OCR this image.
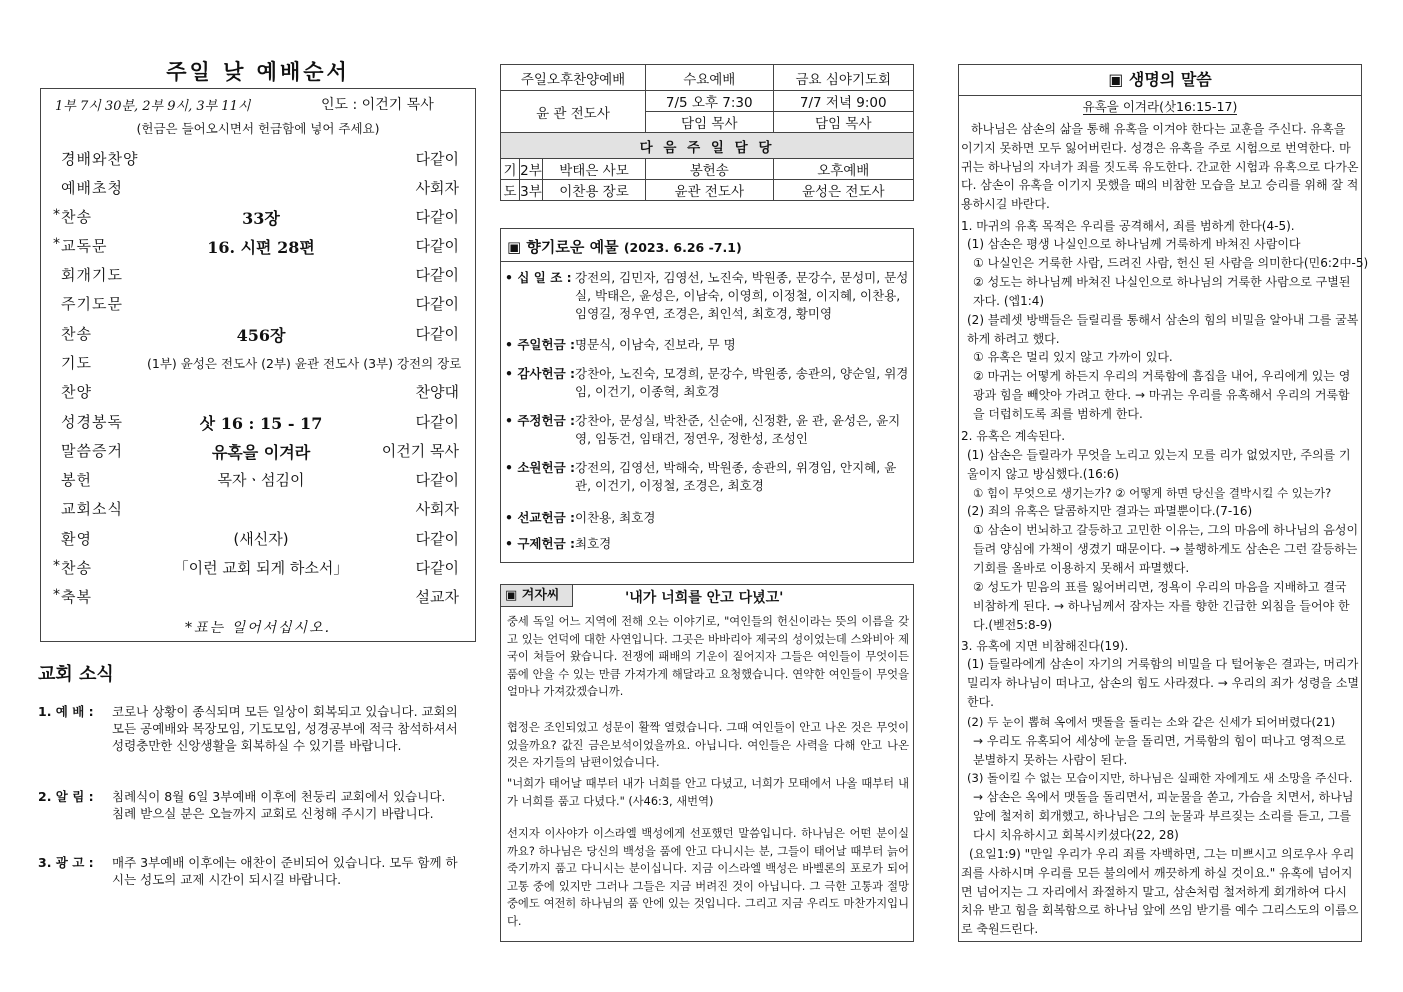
주일 낮 예배순서
1부 7시 30분, 2부 9시, 3부 11시	인도 : 이건기 목사
(헌금은 들어오시면서 헌금함에 넣어 주세요)
경배와찬양	다같이
예배초청	사회자
* 찬송	33장	다같이
* 교독문	16. 시편 28편	다같이
회개기도	다같이
주기도문	다같이
찬송	456장	다같이
기도	(1부) 윤성은 전도사 (2부) 윤관 전도사 (3부) 강전의 장로
찬양	찬양대
성경봉독	삿 16 : 15 - 17	다같이
말씀증거	유혹을 이겨라	이건기 목사
봉헌	목자ㆍ섬김이	다같이
교회소식	사회자
환영	(새신자)	다같이
* 찬송	「이런 교회 되게 하소서」	다같이
* 축복	설교자
*표는 일어서십시오.
교회 소식
1. 예 배 : 코로나 상황이 종식되며 모든 일상이 회복되고 있습니다. 교회의 모든 공예배와 목장모임, 기도모임, 성경공부에 적극 참석하셔서 성령충만한 신앙생활을 회복하실 수 있기를 바랍니다.
2. 알 림 : 침례식이 8월 6일 3부예배 이후에 천둥리 교회에서 있습니다. 침례 받으실 분은 오늘까지 교회로 신청해 주시기 바랍니다.
3. 광 고 : 매주 3부예배 이후에는 애찬이 준비되어 있습니다. 모두 함께 하시는 성도의 교제 시간이 되시길 바랍니다.
주일오후찬양예배			수요예배	금요 심야기도회
윤 관 전도사			7/5 오후 7:30	7/7 저녁 9:00
			담임 목사	담임 목사
다 음 주 일 담 당				
기	2부	박태은 사모	봉헌송	오후예배
도	3부	이찬용 장로	윤관 전도사	윤성은 전도사
▣ 향기로운 예물 (2023. 6.26 -7.1)
• 십 일 조 : 강전의, 김민자, 김영선, 노진숙, 박원종, 문강수, 문성미, 문성실, 박태은, 윤성은, 이남숙, 이영희, 이정철, 이지혜, 이찬용, 임영길, 정우연, 조경은, 최인석, 최호경, 황미영
• 주일헌금 : 명문식, 이남숙, 진보라, 무 명
• 감사헌금 : 강찬아, 노진숙, 모경희, 문강수, 박원종, 송관의, 양순일, 위경임, 이건기, 이종혁, 최호경
• 주정헌금 : 강찬아, 문성실, 박찬준, 신순애, 신정환, 윤 관, 윤성은, 윤지영, 임동건, 임태건, 정연우, 정한성, 조성인
• 소원헌금 : 강전의, 김영선, 박해숙, 박원종, 송관의, 위경임, 안지혜, 윤 관, 이건기, 이정철, 조경은, 최호경
• 선교헌금 : 이찬용, 최호경
• 구제헌금 : 최호경
▣ 겨자씨	'내가 너희를 안고 다녔고'
중세 독일 어느 지역에 전해 오는 이야기로, "여인들의 헌신이라는 뜻의 이름을 갖고 있는 언덕에 대한 사연입니다. 그곳은 바바리아 제국의 성이었는데 스와비아 제국이 쳐들어 왔습니다. 전쟁에 패배의 기운이 짙어지자 그들은 여인들이 무엇이든 품에 안을 수 있는 만큼 가져가게 해달라고 요청했습니다. 연약한 여인들이 무엇을 얼마나 가져갔겠습니까.
협정은 조인되었고 성문이 활짝 열렸습니다. 그때 여인들이 안고 나온 것은 무엇이었을까요? 값진 금은보석이었을까요. 아닙니다. 여인들은 사력을 다해 안고 나온 것은 자기들의 남편이었습니다.
"너희가 태어날 때부터 내가 너희를 안고 다녔고, 너희가 모태에서 나올 때부터 내가 너희를 품고 다녔다." (사46:3, 새번역)
선지자 이사야가 이스라엘 백성에게 선포했던 말씀입니다. 하나님은 어떤 분이실까요? 하나님은 당신의 백성을 품에 안고 다니시는 분, 그들이 태어날 때부터 늙어 죽기까지 품고 다니시는 분이십니다. 지금 이스라엘 백성은 바벨론의 포로가 되어 고통 중에 있지만 그러나 그들은 지금 버려진 것이 아닙니다. 그 극한 고통과 절망 중에도 여전히 하나님의 품 안에 있는 것입니다. 그리고 지금 우리도 마찬가지입니다.
▣ 생명의 말씀
유혹을 이겨라(삿16:15-17)
하나님은 삼손의 삶을 통해 유혹을 이겨야 한다는 교훈을 주신다. 유혹을 이기지 못하면 모두 잃어버린다. 성경은 유혹을 주로 시험으로 번역한다. 마귀는 하나님의 자녀가 죄를 짓도록 유도한다. 간교한 시험과 유혹으로 다가온다. 삼손이 유혹을 이기지 못했을 때의 비참한 모습을 보고 승리를 위해 잘 적용하시길 바란다.
1. 마귀의 유혹 목적은 우리를 공격해서, 죄를 범하게 한다(4-5).
(1) 삼손은 평생 나실인으로 하나님께 거룩하게 바쳐진 사람이다
① 나실인은 거룩한 사람, 드려진 사람, 헌신 된 사람을 의미한다(민6:2中-5)
② 성도는 하나님께 바쳐진 나실인으로 하나님의 거룩한 사람으로 구별된 자다. (엡1:4)
(2) 블레셋 방백들은 들릴리를 통해서 삼손의 힘의 비밀을 알아내 그를 굴복하게 하려고 했다.
① 유혹은 멀리 있지 않고 가까이 있다.
② 마귀는 어떻게 하든지 우리의 거룩함에 흠집을 내어, 우리에게 있는 영광과 힘을 빼앗아 가려고 한다. → 마귀는 우리를 유혹해서 우리의 거룩함을 더럽히도록 죄를 범하게 한다.
2. 유혹은 계속된다.
(1) 삼손은 들릴라가 무엇을 노리고 있는지 모를 리가 없었지만, 주의를 기울이지 않고 방심했다.(16:6)
① 힘이 무엇으로 생기는가? ② 어떻게 하면 당신을 결박시킬 수 있는가?
(2) 죄의 유혹은 달콤하지만 결과는 파멸뿐이다.(7-16)
① 삼손이 번뇌하고 갈등하고 고민한 이유는, 그의 마음에 하나님의 음성이 들려 양심에 가책이 생겼기 때문이다. → 불행하게도 삼손은 그런 갈등하는 기회를 올바로 이용하지 못해서 파멸했다.
② 성도가 믿음의 표를 잃어버리면, 정욕이 우리의 마음을 지배하고 결국 비참하게 된다. → 하나님께서 잠자는 자를 향한 긴급한 외침을 들어야 한다.(벧전5:8-9)
3. 유혹에 지면 비참해진다(19).
(1) 들릴라에게 삼손이 자기의 거룩함의 비밀을 다 털어놓은 결과는, 머리가 밀리자 하나님이 떠나고, 삼손의 힘도 사라졌다. → 우리의 죄가 성령을 소멸한다.
(2) 두 눈이 뽑혀 옥에서 맷돌을 돌리는 소와 같은 신세가 되어버렸다(21)
→ 우리도 유혹되어 세상에 눈을 돌리면, 거룩함의 힘이 떠나고 영적으로 분별하지 못하는 사람이 된다.
(3) 돌이킬 수 없는 모습이지만, 하나님은 실패한 자에게도 새 소망을 주신다.
→ 삼손은 옥에서 맷돌을 돌리면서, 피눈물을 쏟고, 가슴을 치면서, 하나님 앞에 철저히 회개했고, 하나님은 그의 눈물과 부르짖는 소리를 듣고, 그를 다시 치유하시고 회복시키셨다(22, 28)
(요일1:9) "만일 우리가 우리 죄를 자백하면, 그는 미쁘시고 의로우사 우리 죄를 사하시며 우리를 모든 불의에서 깨끗하게 하실 것이요." 유혹에 넘어지면 넘어지는 그 자리에서 좌절하지 말고, 삼손처럼 철저하게 회개하여 다시 치유 받고 힘을 회복함으로 하나님 앞에 쓰임 받기를 예수 그리스도의 이름으로 축원드린다.
